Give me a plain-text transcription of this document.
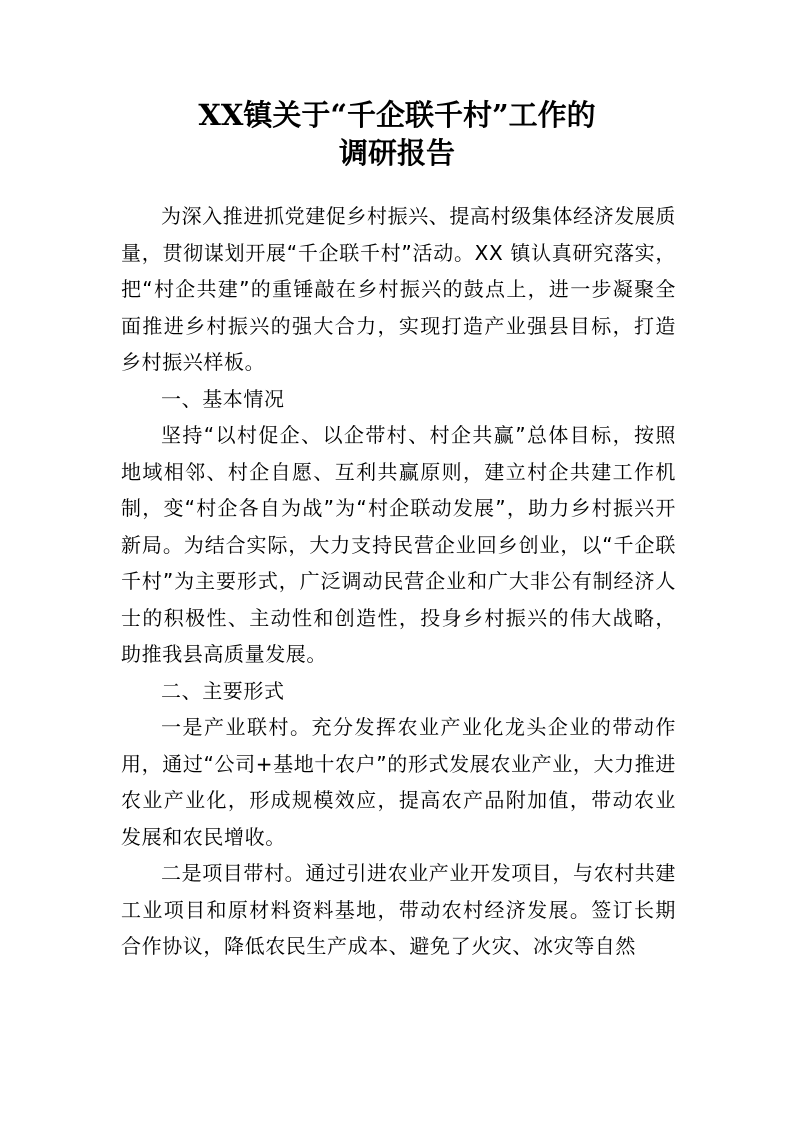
XX镇关于“千企联千村”工作的
调研报告

为深入推进抓党建促乡村振兴、提高村级集体经济发展质量，贯彻谋划开展“千企联千村”活动。XX 镇认真研究落实，把“村企共建”的重锤敲在乡村振兴的鼓点上，进一步凝聚全面推进乡村振兴的强大合力，实现打造产业强县目标，打造乡村振兴样板。

一、基本情况

坚持“以村促企、以企带村、村企共赢”总体目标，按照地域相邻、村企自愿、互利共赢原则，建立村企共建工作机制，变“村企各自为战”为“村企联动发展”，助力乡村振兴开新局。为结合实际，大力支持民营企业回乡创业，以“千企联千村”为主要形式，广泛调动民营企业和广大非公有制经济人士的积极性、主动性和创造性，投身乡村振兴的伟大战略，助推我县高质量发展。

二、主要形式

一是产业联村。充分发挥农业产业化龙头企业的带动作用，通过“公司+基地十农户”的形式发展农业产业，大力推进农业产业化，形成规模效应，提高农产品附加值，带动农业发展和农民增收。

二是项目带村。通过引进农业产业开发项目，与农村共建工业项目和原材料资料基地，带动农村经济发展。签订长期合作协议，降低农民生产成本、避免了火灾、冰灾等自然
